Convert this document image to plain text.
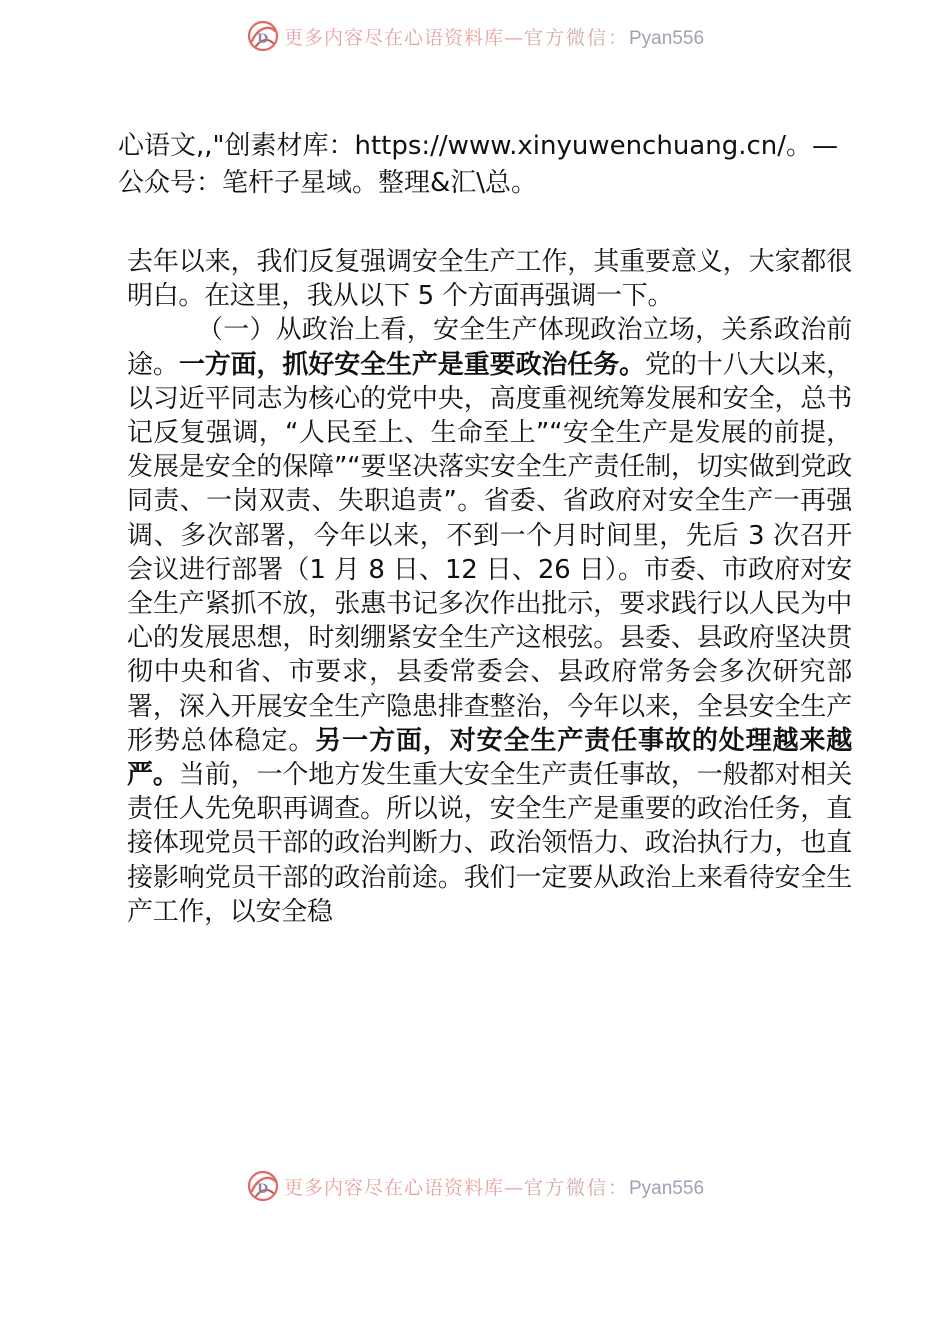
D 更多内容尽在心语资料库—官方微信：Pyan556
心语文,,"创素材库：https://www.xinyuwenchuang.cn/。—公众号：笔杆子星域。整理&汇\总。

去年以来，我们反复强调安全生产工作，其重要意义，大家都很明白。在这里，我从以下 5 个方面再强调一下。

（一）从政治上看，安全生产体现政治立场，关系政治前途。一方面，抓好安全生产是重要政治任务。党的十八大以来，以习近平同志为核心的党中央，高度重视统筹发展和安全，总书记反复强调，“人民至上、生命至上”“安全生产是发展的前提，发展是安全的保障”“要坚决落实安全生产责任制，切实做到党政同责、一岗双责、失职追责”。省委、省政府对安全生产一再强调、多次部署，今年以来，不到一个月时间里，先后 3 次召开会议进行部署（1 月 8 日、12 日、26 日）。市委、市政府对安全生产紧抓不放，张惠书记多次作出批示，要求践行以人民为中心的发展思想，时刻绷紧安全生产这根弦。县委、县政府坚决贯彻中央和省、市要求，县委常委会、县政府常务会多次研究部署，深入开展安全生产隐患排查整治，今年以来，全县安全生产形势总体稳定。另一方面，对安全生产责任事故的处理越来越严。当前，一个地方发生重大安全生产责任事故，一般都对相关责任人先免职再调查。所以说，安全生产是重要的政治任务，直接体现党员干部的政治判断力、政治领悟力、政治执行力，也直接影响党员干部的政治前途。我们一定要从政治上来看待安全生产工作，以安全稳

D 更多内容尽在心语资料库—官方微信：Pyan556
